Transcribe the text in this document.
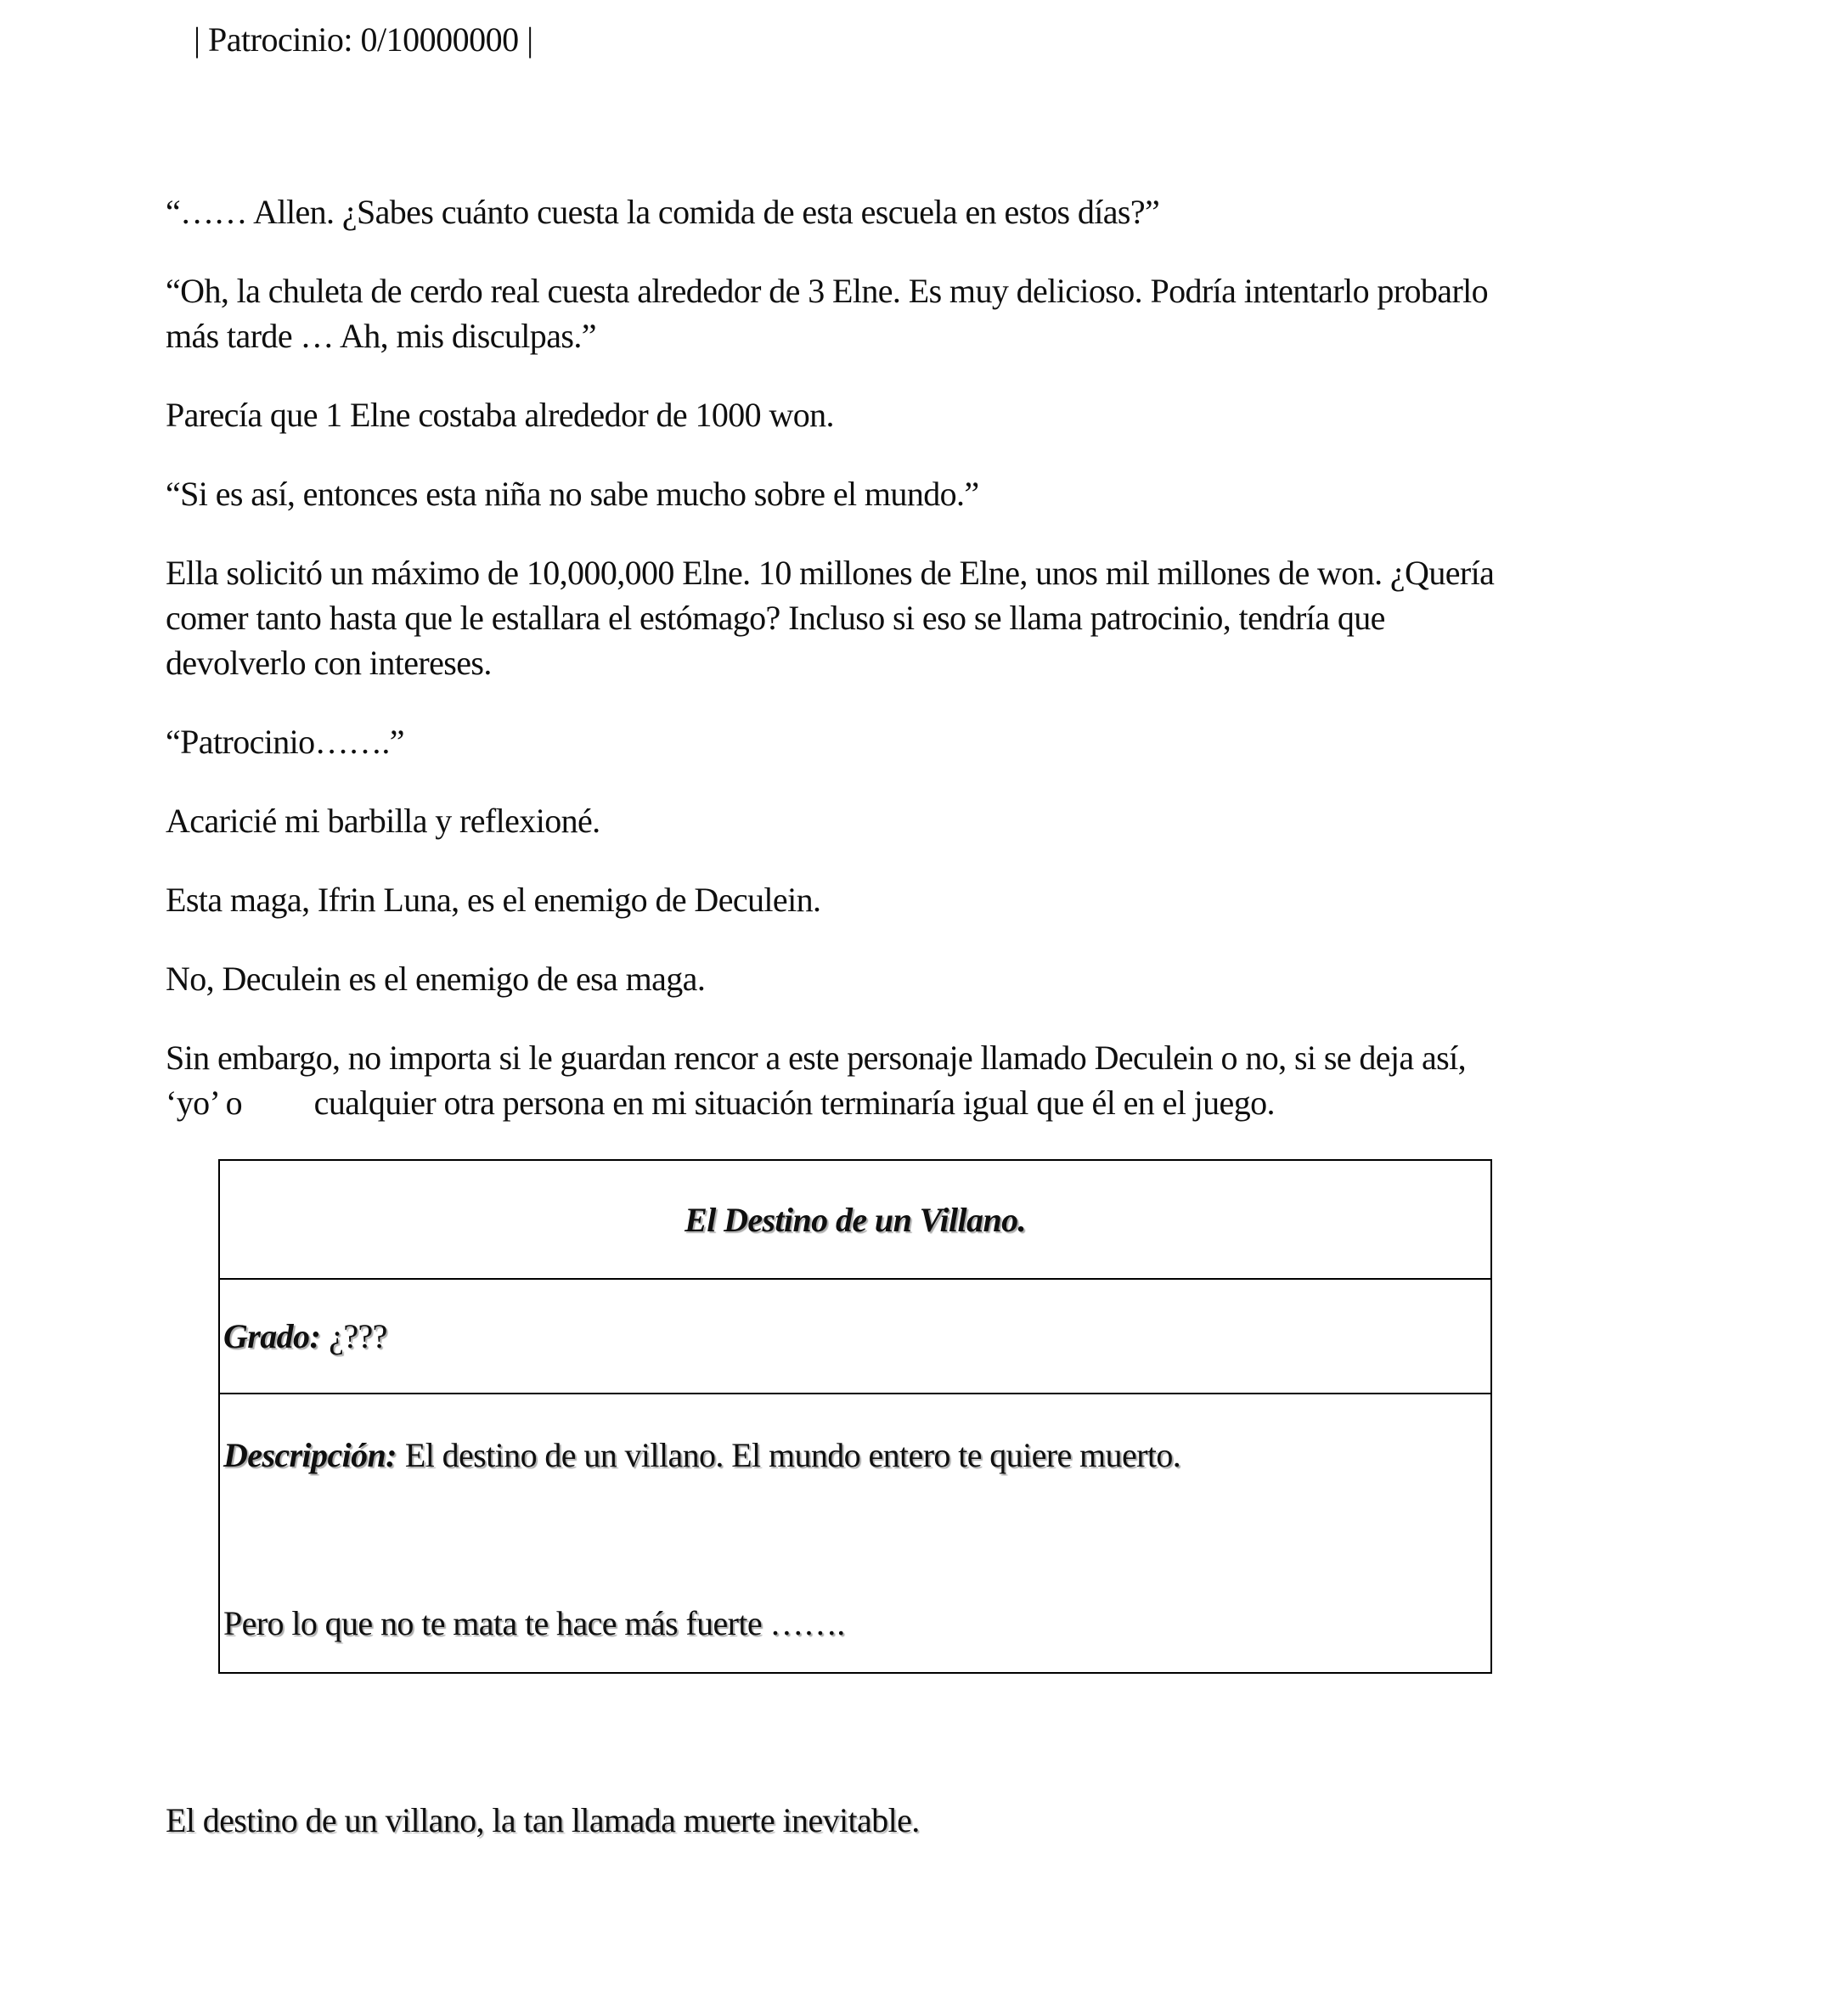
| Patrocinio: 0/10000000 |

“…… Allen. ¿Sabes cuánto cuesta la comida de esta escuela en estos días?”

“Oh, la chuleta de cerdo real cuesta alrededor de 3 Elne. Es muy delicioso. Podría intentarlo probarlo más tarde … Ah, mis disculpas.”

Parecía que 1 Elne costaba alrededor de 1000 won.

“Si es así, entonces esta niña no sabe mucho sobre el mundo.”

Ella solicitó un máximo de 10,000,000 Elne. 10 millones de Elne, unos mil millones de won. ¿Quería comer tanto hasta que le estallara el estómago? Incluso si eso se llama patrocinio, tendría que devolverlo con intereses.

“Patrocinio…….”

Acaricié mi barbilla y reflexioné.

Esta maga, Ifrin Luna, es el enemigo de Deculein.

No, Deculein es el enemigo de esa maga.

Sin embargo, no importa si le guardan rencor a este personaje llamado Deculein o no, si se deja así, ‘yo’ o         cualquier otra persona en mi situación terminaría igual que él en el juego.

El Destino de un Villano.
Grado: ¿???

Descripción: El destino de un villano. El mundo entero te quiere muerto.

Pero lo que no te mata te hace más fuerte …….

El destino de un villano, la tan llamada muerte inevitable.
